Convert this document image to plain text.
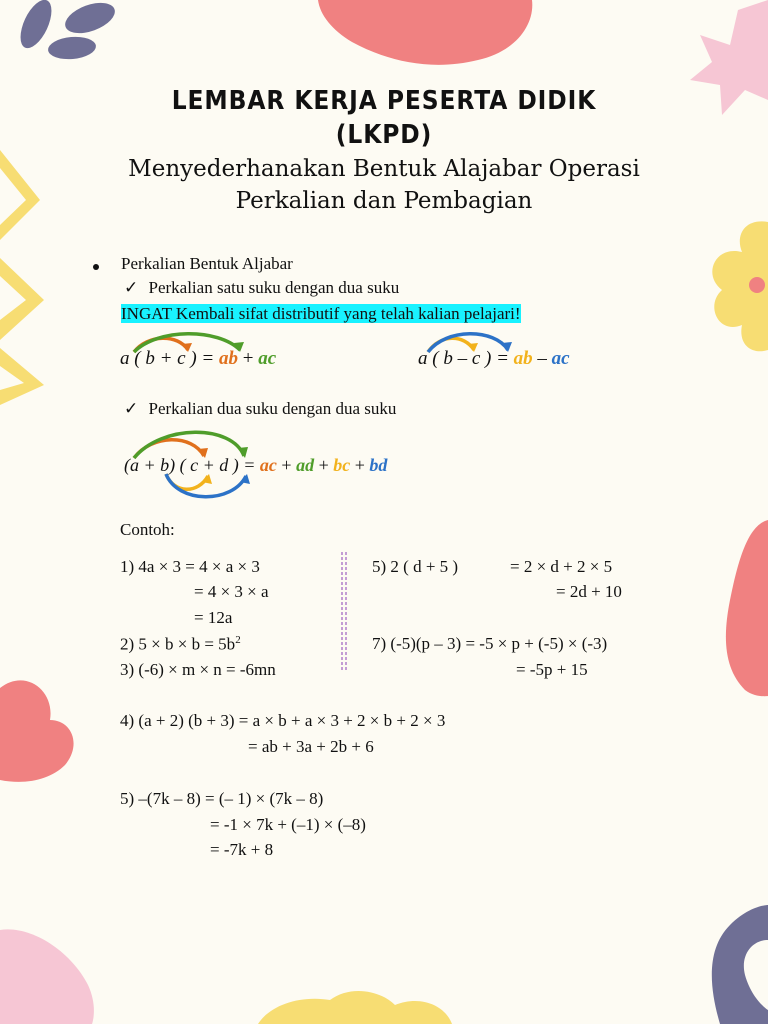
LEMBAR KERJA PESERTA DIDIK
(LKPD)
Menyederhanakan Bentuk Alajabar Operasi
Perkalian dan Pembagian
Perkalian Bentuk Aljabar
✓ Perkalian satu suku dengan dua suku
INGAT Kembali sifat distributif yang telah kalian pelajari!
a ( b + c ) = ab + ac	a ( b – c ) = ab – ac
✓ Perkalian dua suku dengan dua suku
(a + b) ( c + d ) = ac + ad + bc + bd
Contoh:
1) 4a × 3 = 4 × a × 3
= 4 × 3 × a
= 12a
2) $5 \times b \times b = 5b^2$
3) (-6) × m × n = -6mn
5) 2 ( d + 5 )	= 2 × d + 2 × 5
= 2d + 10
7) (-5)(p – 3) = -5 × p + (-5) × (-3)
= -5p + 15
4) (a + 2) (b + 3) = a × b + a × 3 + 2 × b + 2 × 3
= ab + 3a + 2b + 6
5) –(7k – 8) = (– 1) × (7k – 8)
= -1 × 7k + (–1) × (–8)
= -7k + 8
